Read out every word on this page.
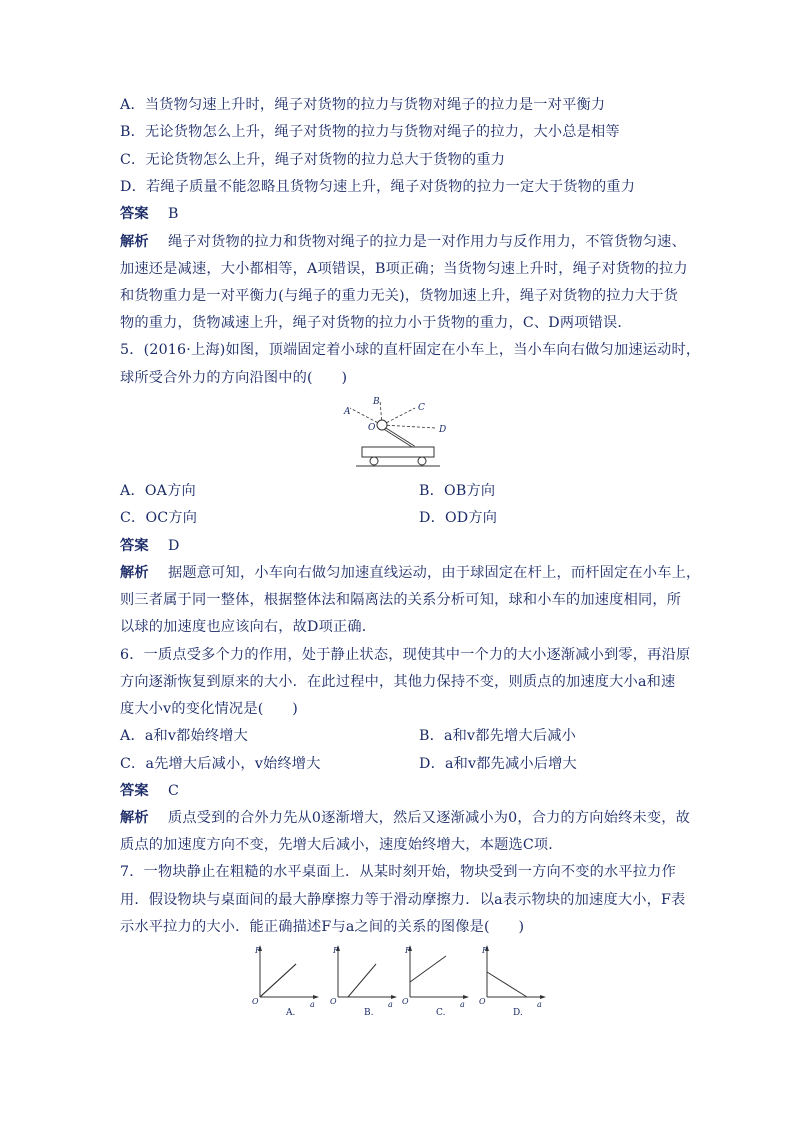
A．当货物匀速上升时，绳子对货物的拉力与货物对绳子的拉力是一对平衡力
B．无论货物怎么上升，绳子对货物的拉力与货物对绳子的拉力，大小总是相等
C．无论货物怎么上升，绳子对货物的拉力总大于货物的重力
D．若绳子质量不能忽略且货物匀速上升，绳子对货物的拉力一定大于货物的重力
答案 B
解析 绳子对货物的拉力和货物对绳子的拉力是一对作用力与反作用力，不管货物匀速、
加速还是减速，大小都相等，A项错误，B项正确；当货物匀速上升时，绳子对货物的拉力
和货物重力是一对平衡力(与绳子的重力无关)，货物加速上升，绳子对货物的拉力大于货
物的重力，货物减速上升，绳子对货物的拉力小于货物的重力，C、D两项错误．
5．(2016·上海)如图，顶端固定着小球的直杆固定在小车上，当小车向右做匀加速运动时，
球所受合外力的方向沿图中的(　　)
A
B
C
O	D
A．OA方向	B．OB方向
C．OC方向	D．OD方向
答案 D
解析 据题意可知，小车向右做匀加速直线运动，由于球固定在杆上，而杆固定在小车上，
则三者属于同一整体，根据整体法和隔离法的关系分析可知，球和小车的加速度相同，所
以球的加速度也应该向右，故D项正确．
6．一质点受多个力的作用，处于静止状态，现使其中一个力的大小逐渐减小到零，再沿原
方向逐渐恢复到原来的大小．在此过程中，其他力保持不变，则质点的加速度大小a和速
度大小v的变化情况是(　　)
A．a和v都始终增大	B．a和v都先增大后减小
C．a先增大后减小，v始终增大	D．a和v都先减小后增大
答案 C
解析 质点受到的合外力先从0逐渐增大，然后又逐渐减小为0，合力的方向始终未变，故
质点的加速度方向不变，先增大后减小，速度始终增大，本题选C项．
7．一物块静止在粗糙的水平桌面上．从某时刻开始，物块受到一方向不变的水平拉力作
用．假设物块与桌面间的最大静摩擦力等于滑动摩擦力．以a表示物块的加速度大小，F表
示水平拉力的大小．能正确描述F与a之间的关系的图像是(　　)
F
a
O
A.
F
a
O
B.
F
a
O
C.
F
a
O
D.
